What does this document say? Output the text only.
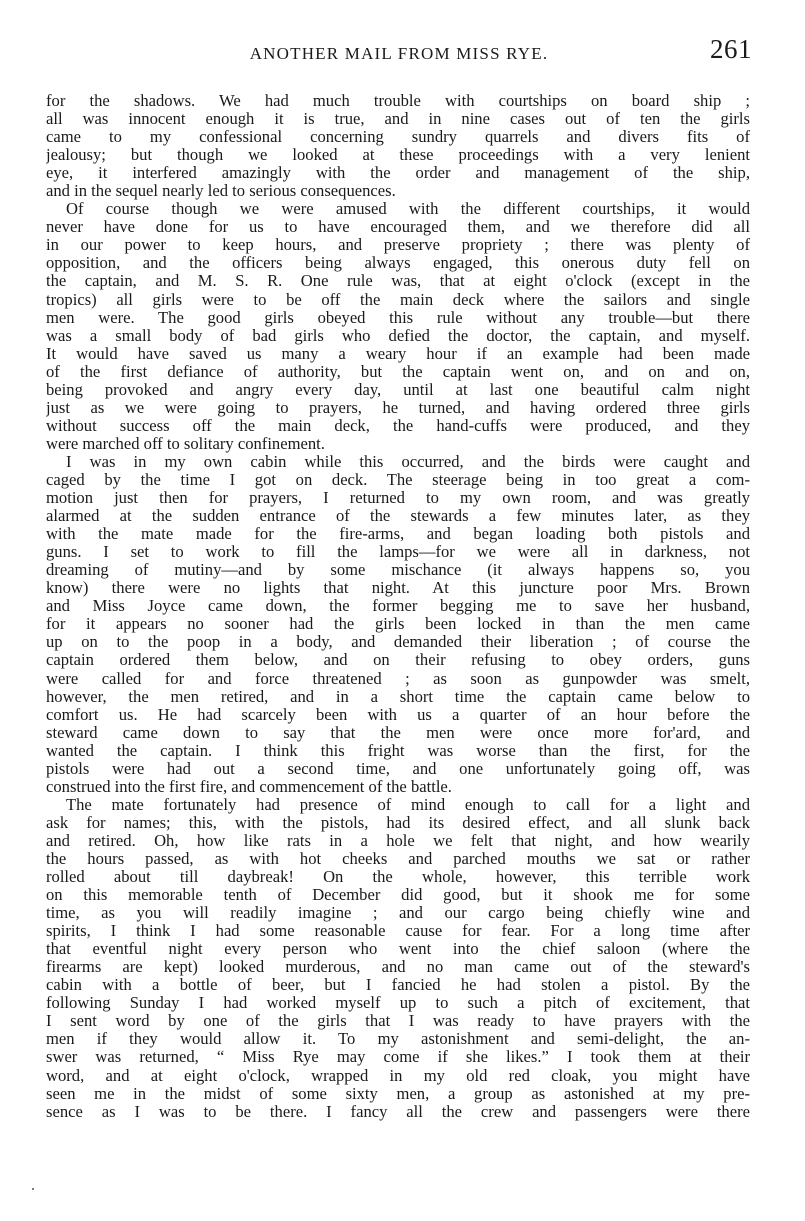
ANOTHER MAIL FROM MISS RYE.	261
for the shadows. We had much trouble with courtships on board ship ;
all was innocent enough it is true, and in nine cases out of ten the girls
came to my confessional concerning sundry quarrels and divers fits of
jealousy; but though we looked at these proceedings with a very lenient
eye, it interfered amazingly with the order and management of the ship,
and in the sequel nearly led to serious consequences.
Of course though we were amused with the different courtships, it would
never have done for us to have encouraged them, and we therefore did all
in our power to keep hours, and preserve propriety ; there was plenty of
opposition, and the officers being always engaged, this onerous duty fell on
the captain, and M. S. R. One rule was, that at eight o'clock (except in the
tropics) all girls were to be off the main deck where the sailors and single
men were. The good girls obeyed this rule without any trouble—but there
was a small body of bad girls who defied the doctor, the captain, and myself.
It would have saved us many a weary hour if an example had been made
of the first defiance of authority, but the captain went on, and on and on,
being provoked and angry every day, until at last one beautiful calm night
just as we were going to prayers, he turned, and having ordered three girls
without success off the main deck, the hand-cuffs were produced, and they
were marched off to solitary confinement.
I was in my own cabin while this occurred, and the birds were caught and
caged by the time I got on deck. The steerage being in too great a com-
motion just then for prayers, I returned to my own room, and was greatly
alarmed at the sudden entrance of the stewards a few minutes later, as they
with the mate made for the fire-arms, and began loading both pistols and
guns. I set to work to fill the lamps—for we were all in darkness, not
dreaming of mutiny—and by some mischance (it always happens so, you
know) there were no lights that night. At this juncture poor Mrs. Brown
and Miss Joyce came down, the former begging me to save her husband,
for it appears no sooner had the girls been locked in than the men came
up on to the poop in a body, and demanded their liberation ; of course the
captain ordered them below, and on their refusing to obey orders, guns
were called for and force threatened ; as soon as gunpowder was smelt,
however, the men retired, and in a short time the captain came below to
comfort us. He had scarcely been with us a quarter of an hour before the
steward came down to say that the men were once more for'ard, and
wanted the captain. I think this fright was worse than the first, for the
pistols were had out a second time, and one unfortunately going off, was
construed into the first fire, and commencement of the battle.
The mate fortunately had presence of mind enough to call for a light and
ask for names; this, with the pistols, had its desired effect, and all slunk back
and retired. Oh, how like rats in a hole we felt that night, and how wearily
the hours passed, as with hot cheeks and parched mouths we sat or rather
rolled about till daybreak! On the whole, however, this terrible work
on this memorable tenth of December did good, but it shook me for some
time, as you will readily imagine ; and our cargo being chiefly wine and
spirits, I think I had some reasonable cause for fear. For a long time after
that eventful night every person who went into the chief saloon (where the
firearms are kept) looked murderous, and no man came out of the steward's
cabin with a bottle of beer, but I fancied he had stolen a pistol. By the
following Sunday I had worked myself up to such a pitch of excitement, that
I sent word by one of the girls that I was ready to have prayers with the
men if they would allow it. To my astonishment and semi-delight, the an-
swer was returned, “ Miss Rye may come if she likes.” I took them at their
word, and at eight o'clock, wrapped in my old red cloak, you might have
seen me in the midst of some sixty men, a group as astonished at my pre-
sence as I was to be there. I fancy all the crew and passengers were there
